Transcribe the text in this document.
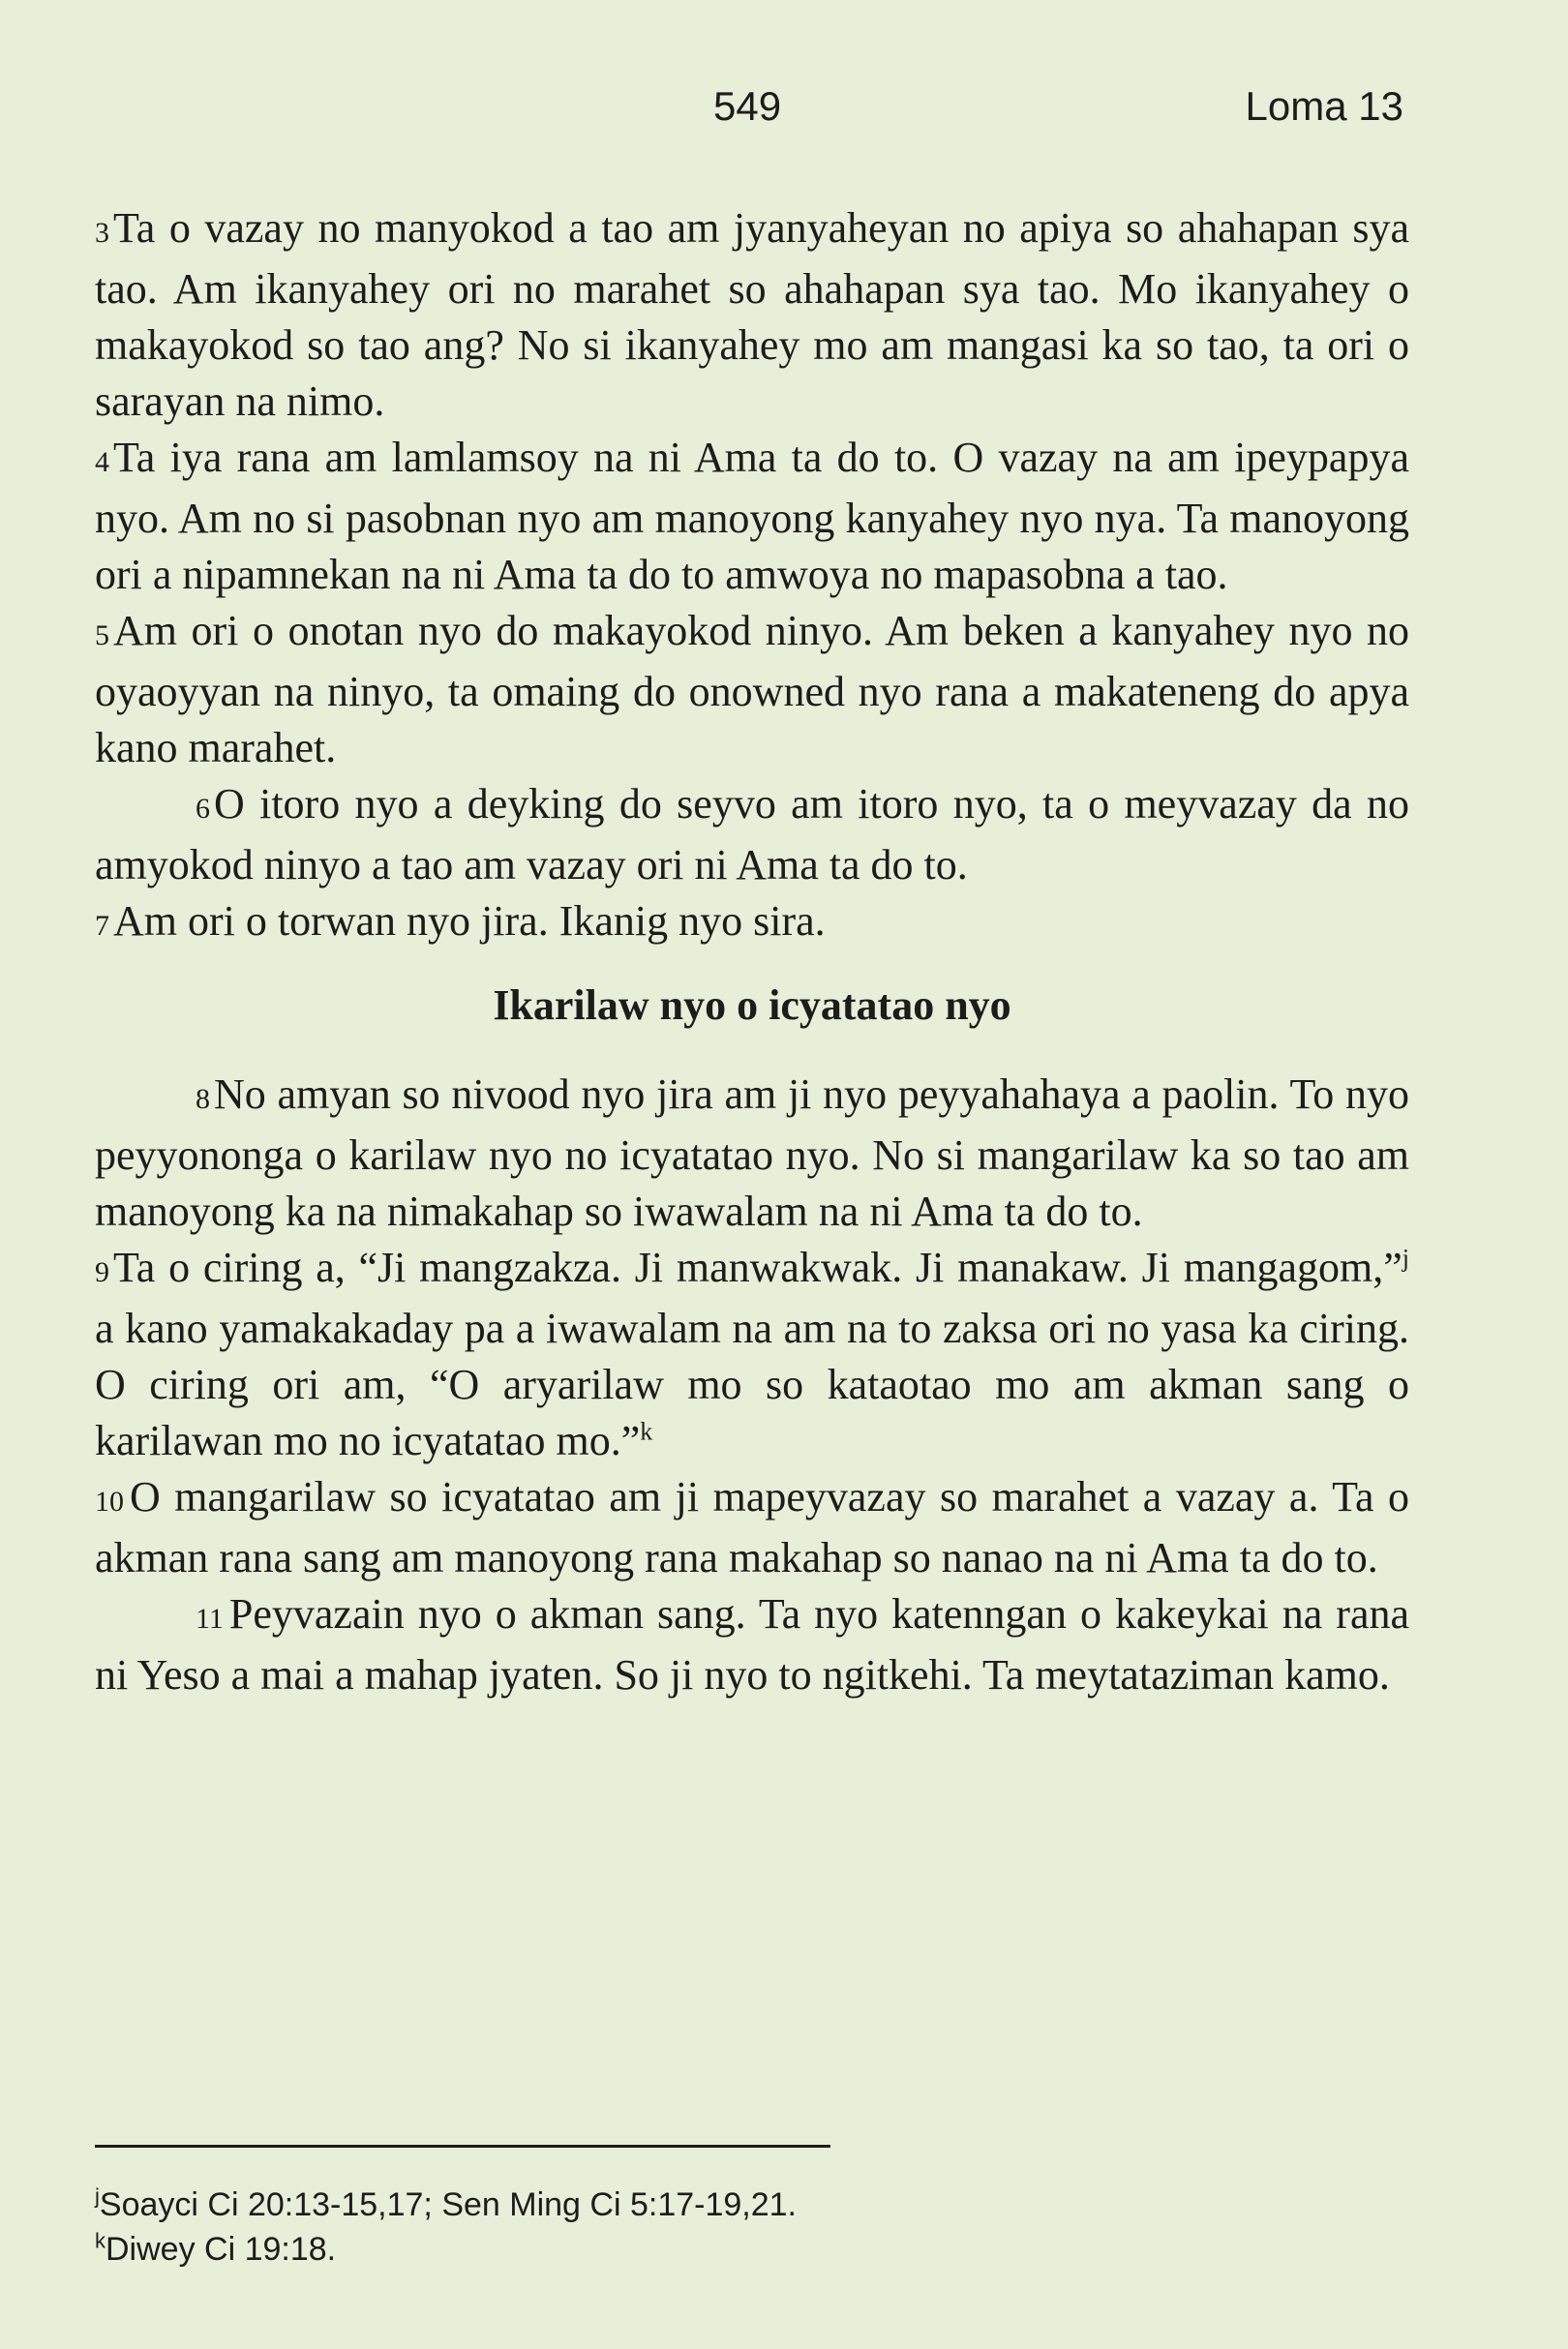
549	Loma 13

3Ta o vazay no manyokod a tao am jyanyaheyan no apiya so ahahapan sya tao. Am ikanyahey ori no marahet so ahahapan sya tao. Mo ikanyahey o makayokod so tao ang? No si ikanyahey mo am mangasi ka so tao, ta ori o sarayan na nimo.

4Ta iya rana am lamlamsoy na ni Ama ta do to. O vazay na am ipeypapya nyo. Am no si pasobnan nyo am manoyong kanyahey nyo nya. Ta manoyong ori a nipamnekan na ni Ama ta do to amwoya no mapasobna a tao.

5Am ori o onotan nyo do makayokod ninyo. Am beken a kanyahey nyo no oyaoyyan na ninyo, ta omaing do onowned nyo rana a makateneng do apya kano marahet.

6O itoro nyo a deyking do seyvo am itoro nyo, ta o meyvazay da no amyokod ninyo a tao am vazay ori ni Ama ta do to.

7Am ori o torwan nyo jira. Ikanig nyo sira.

Ikarilaw nyo o icyatatao nyo

8No amyan so nivood nyo jira am ji nyo peyyahahaya a paolin. To nyo peyyononga o karilaw nyo no icyatatao nyo. No si mangarilaw ka so tao am manoyong ka na nimakahap so iwawalam na ni Ama ta do to.

9Ta o ciring a, “Ji mangzakza. Ji manwakwak. Ji manakaw. Ji mangagom,”$^j$ a kano yamakakaday pa a iwawalam na am na to zaksa ori no yasa ka ciring. O ciring ori am, “O aryarilaw mo so kataotao mo am akman sang o karilawan mo no icyatatao mo.”$^k$

10 O mangarilaw so icyatatao am ji mapeyvazay so marahet a vazay a. Ta o akman rana sang am manoyong rana makahap so nanao na ni Ama ta do to.

11 Peyvazain nyo o akman sang. Ta nyo katenngan o kakeykai na rana ni Yeso a mai a mahap jyaten. So ji nyo to ngitkehi. Ta meytataziman kamo.

$^j$Soayci Ci 20:13-15,17; Sen Ming Ci 5:17-19,21.

$^k$Diwey Ci 19:18.
